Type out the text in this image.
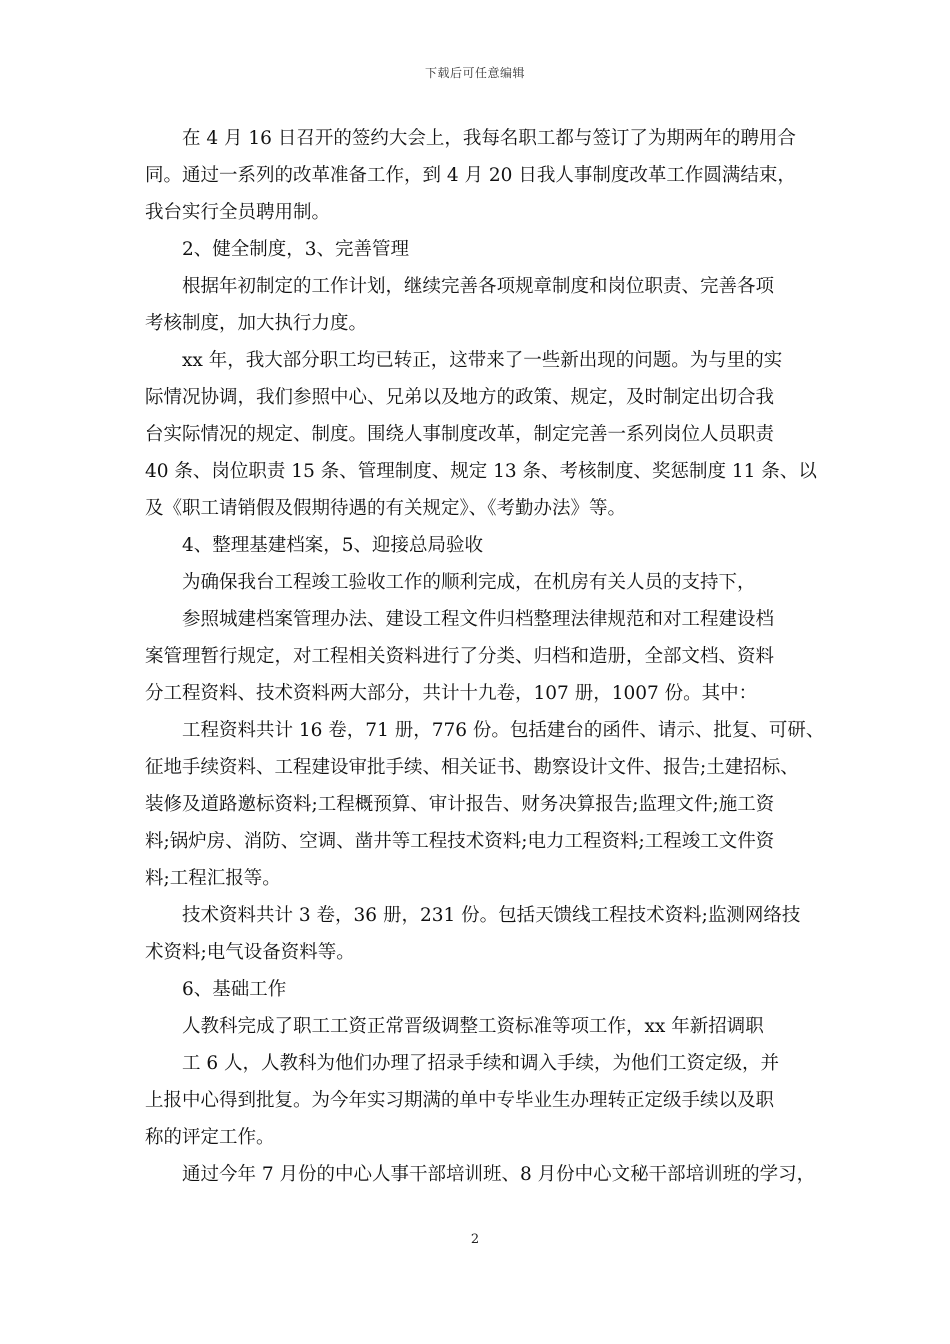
下载后可任意编辑
在 4 月 16 日召开的签约大会上，我每名职工都与签订了为期两年的聘用合
同。通过一系列的改革准备工作，到 4 月 20 日我人事制度改革工作圆满结束，
我台实行全员聘用制。
2、健全制度，3、完善管理
根据年初制定的工作计划，继续完善各项规章制度和岗位职责、完善各项
考核制度，加大执行力度。
xx 年，我大部分职工均已转正，这带来了一些新出现的问题。为与里的实
际情况协调，我们参照中心、兄弟以及地方的政策、规定，及时制定出切合我
台实际情况的规定、制度。围绕人事制度改革，制定完善一系列岗位人员职责
40 条、岗位职责 15 条、管理制度、规定 13 条、考核制度、奖惩制度 11 条、以
及《职工请销假及假期待遇的有关规定》、《考勤办法》等。
4、整理基建档案，5、迎接总局验收
为确保我台工程竣工验收工作的顺利完成，在机房有关人员的支持下，
参照城建档案管理办法、建设工程文件归档整理法律规范和对工程建设档
案管理暂行规定，对工程相关资料进行了分类、归档和造册，全部文档、资料
分工程资料、技术资料两大部分，共计十九卷，107 册，1007 份。其中：
工程资料共计 16 卷，71 册，776 份。包括建台的函件、请示、批复、可研、
征地手续资料、工程建设审批手续、相关证书、勘察设计文件、报告;土建招标、
装修及道路邀标资料;工程概预算、审计报告、财务决算报告;监理文件;施工资
料;锅炉房、消防、空调、凿井等工程技术资料;电力工程资料;工程竣工文件资
料;工程汇报等。
技术资料共计 3 卷，36 册，231 份。包括天馈线工程技术资料;监测网络技
术资料;电气设备资料等。
6、基础工作
人教科完成了职工工资正常晋级调整工资标准等项工作，xx 年新招调职
工 6 人，人教科为他们办理了招录手续和调入手续，为他们工资定级，并
上报中心得到批复。为今年实习期满的单中专毕业生办理转正定级手续以及职
称的评定工作。
通过今年 7 月份的中心人事干部培训班、8 月份中心文秘干部培训班的学习，
2
